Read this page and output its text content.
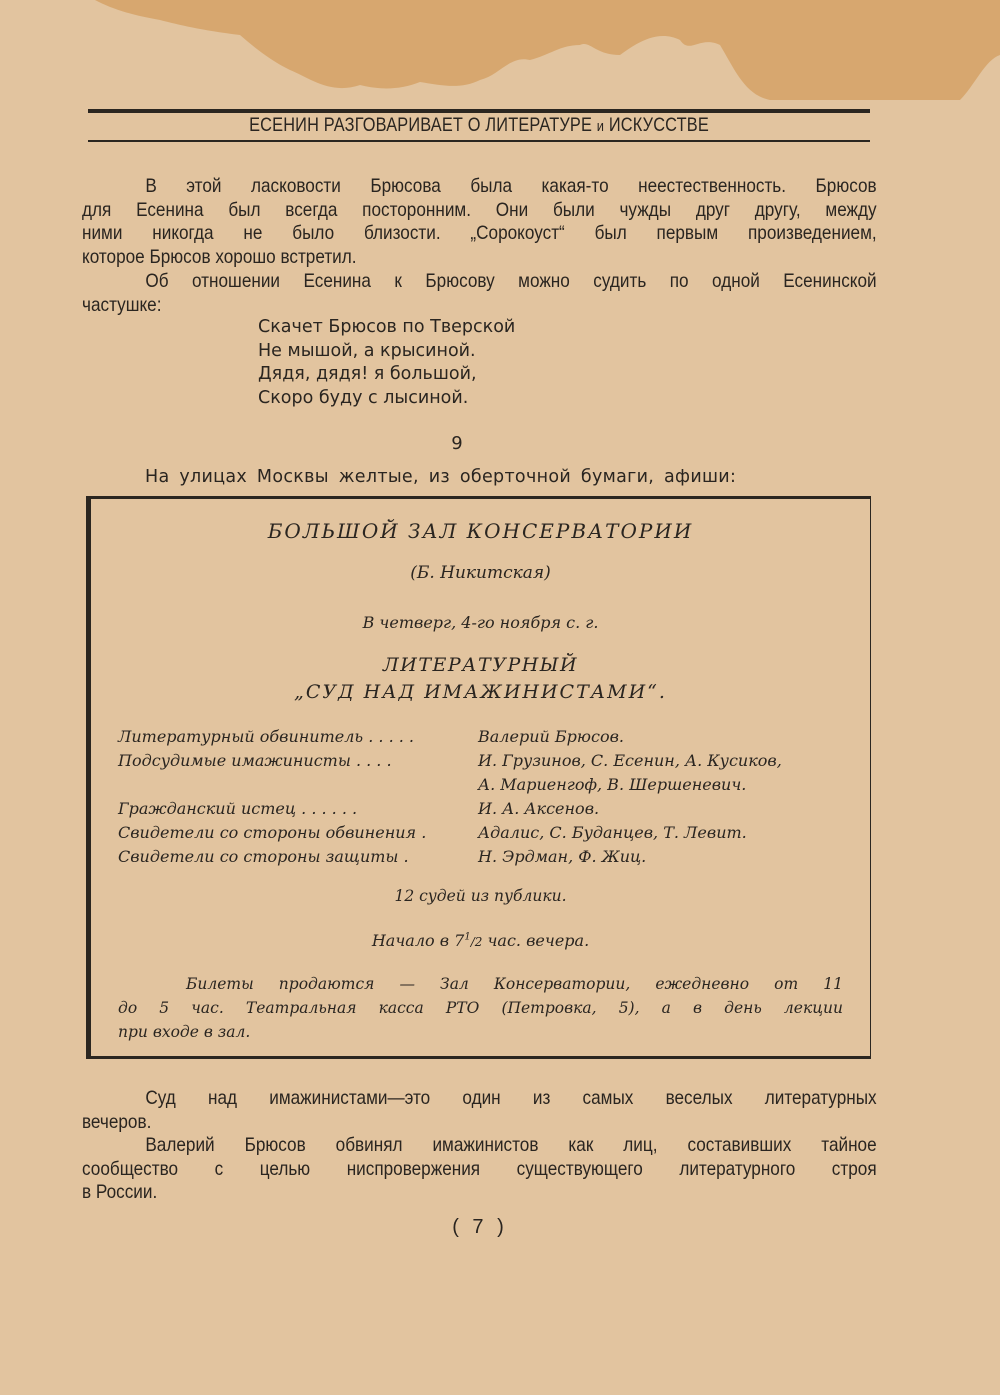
ЕСЕНИН РАЗГОВАРИВАЕТ О ЛИТЕРАТУРЕ и ИСКУССТВЕ
В этой ласковости Брюсова была какая-то неестественность. Брюсов
для Есенина был всегда посторонним. Они были чужды друг другу, между
ними никогда не было близости. „Сорокоуст“ был первым произведением,
которое Брюсов хорошо встретил.
Об отношении Есенина к Брюсову можно судить по одной Есенинской
частушке:
Скачет Брюсов по Тверской
Не мышой, а крысиной.
Дядя, дядя! я большой,
Скоро буду с лысиной.
9
На улицах Москвы желтые, из оберточной бумаги, афиши:
БОЛЬШОЙ ЗАЛ КОНСЕРВАТОРИИ
(Б. Никитская)
В четверг, 4-го ноября с. г.
ЛИТЕРАТУРНЫЙ
„СУД НАД ИМАЖИНИСТАМИ“.
Литературный обвинитель . . . . .	Валерий Брюсов.
Подсудимые имажинисты . . . .	И. Грузинов, С. Есенин, А. Кусиков,
А. Мариенгоф, В. Шершеневич.
Гражданский истец . . . . . .	И. А. Аксенов.
Свидетели со стороны обвинения .	Адалис, С. Буданцев, Т. Левит.
Свидетели со стороны защиты .	Н. Эрдман, Ф. Жиц.
12 судей из публики.
Начало в $7^1/2$ час. вечера.
Билеты продаются — Зал Консерватории, ежедневно от 11
до 5 час. Театральная касса РТО (Петровка, 5), а в день лекции
при входе в зал.
Суд над имажинистами—это один из самых веселых литературных
вечеров.
Валерий Брюсов обвинял имажинистов как лиц, составивших тайное
сообщество с целью ниспровержения существующего литературного строя
в России.
( 7 )
